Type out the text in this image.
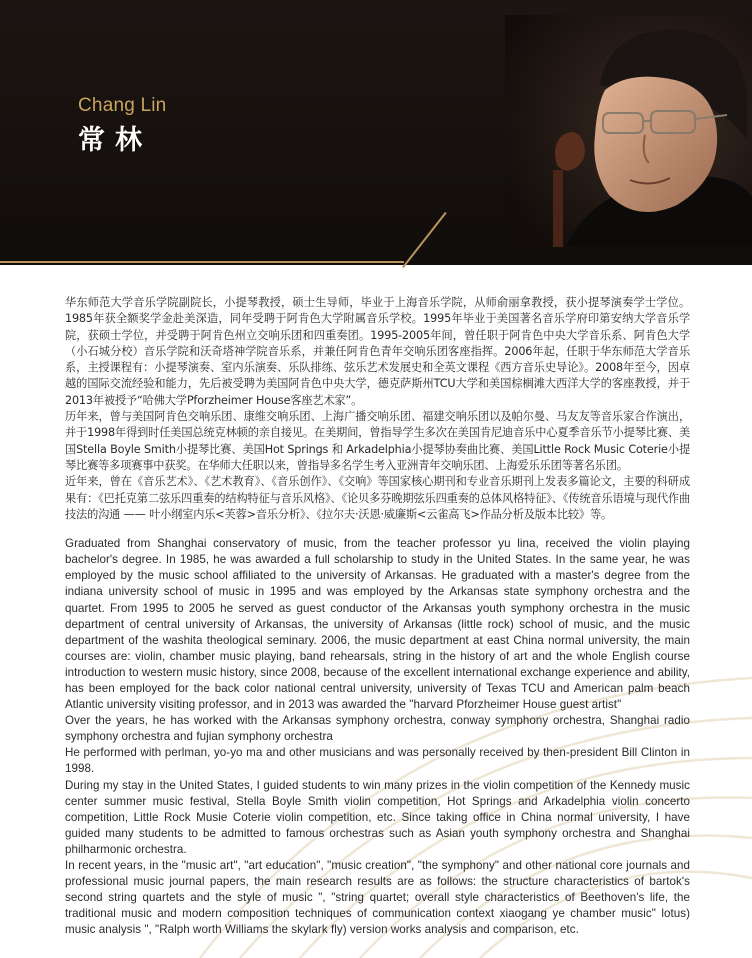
Chang Lin
常林

华东师范大学音乐学院副院长，小提琴教授，硕士生导师，毕业于上海音乐学院，从师俞丽拿教授，获小提琴演奏学士学位。1985年获全额奖学金赴美深造，同年受聘于阿肯色大学附属音乐学校。1995年毕业于美国著名音乐学府印第安纳大学音乐学院，获硕士学位，并受聘于阿肯色州立交响乐团和四重奏团。1995-2005年间，曾任职于阿肯色中央大学音乐系、阿肯色大学（小石城分校）音乐学院和沃奇塔神学院音乐系，并兼任阿肯色青年交响乐团客座指挥。2006年起，任职于华东师范大学音乐系，主授课程有：小提琴演奏、室内乐演奏、乐队排练、弦乐艺术发展史和全英文课程《西方音乐史导论》。2008年至今，因卓越的国际交流经验和能力，先后被受聘为美国阿肯色中央大学，德克萨斯州TCU大学和美国棕榈滩大西洋大学的客座教授，并于2013年被授予“哈佛大学Pforzheimer House客座艺术家”。

历年来，曾与美国阿肯色交响乐团、康维交响乐团、上海广播交响乐团、福建交响乐团以及帕尔曼、马友友等音乐家合作演出，并于1998年得到时任美国总统克林顿的亲自接见。在美期间，曾指导学生多次在美国肯尼迪音乐中心夏季音乐节小提琴比赛、美国Stella Boyle Smith小提琴比赛、美国Hot Springs 和 Arkadelphia小提琴协奏曲比赛、美国Little Rock Music Coterie小提琴比赛等多项赛事中获奖。在华师大任职以来，曾指导多名学生考入亚洲青年交响乐团、上海爱乐乐团等著名乐团。

近年来，曾在《音乐艺术》、《艺术教育》、《音乐创作》、《交响》等国家核心期刊和专业音乐期刊上发表多篇论文，主要的科研成果有：《巴托克第二弦乐四重奏的结构特征与音乐风格》、《论贝多芬晚期弦乐四重奏的总体风格特征》、《传统音乐语境与现代作曲技法的沟通 —— 叶小纲室内乐<芙蓉>音乐分析》、《拉尔夫·沃恩·威廉斯<云雀高飞>作品分析及版本比较》等。

Graduated from Shanghai conservatory of music, from the teacher professor yu lina, received the violin playing bachelor's degree. In 1985, he was awarded a full scholarship to study in the United States. In the same year, he was employed by the music school affiliated to the university of Arkansas. He graduated with a master's degree from the indiana university school of music in 1995 and was employed by the Arkansas state symphony orchestra and the quartet. From 1995 to 2005 he served as guest conductor of the Arkansas youth symphony orchestra in the music department of central university of Arkansas, the university of Arkansas (little rock) school of music, and the music department of the washita theological seminary. 2006, the music department at east China normal university, the main courses are: violin, chamber music playing, band rehearsals, string in the history of art and the whole English course introduction to western music history, since 2008, because of the excellent international exchange experience and ability, has been employed for the back color national central university, university of Texas TCU and American palm beach Atlantic university visiting professor, and in 2013 was awarded the "harvard Pforzheimer House guest artist"

Over the years, he has worked with the Arkansas symphony orchestra, conway symphony orchestra, Shanghai radio symphony orchestra and fujian symphony orchestra

He performed with perlman, yo-yo ma and other musicians and was personally received by then-president Bill Clinton in 1998.

During my stay in the United States, I guided students to win many prizes in the violin competition of the Kennedy music center summer music festival, Stella Boyle Smith violin competition, Hot Springs and Arkadelphia violin concerto competition, Little Rock Musie Coterie violin competition, etc. Since taking office in China normal university, I have guided many students to be admitted to famous orchestras such as Asian youth symphony orchestra and Shanghai philharmonic orchestra.

In recent years, in the "music art", "art education", "music creation", "the symphony" and other national core journals and professional music journal papers, the main research results are as follows: the structure characteristics of bartok's second string quartets and the style of music ", "string quartet; overall style characteristics of Beethoven's life, the traditional music and modern composition techniques of communication context xiaogang ye chamber music" lotus) music analysis ", "Ralph worth Williams the skylark fly) version works analysis and comparison, etc.
